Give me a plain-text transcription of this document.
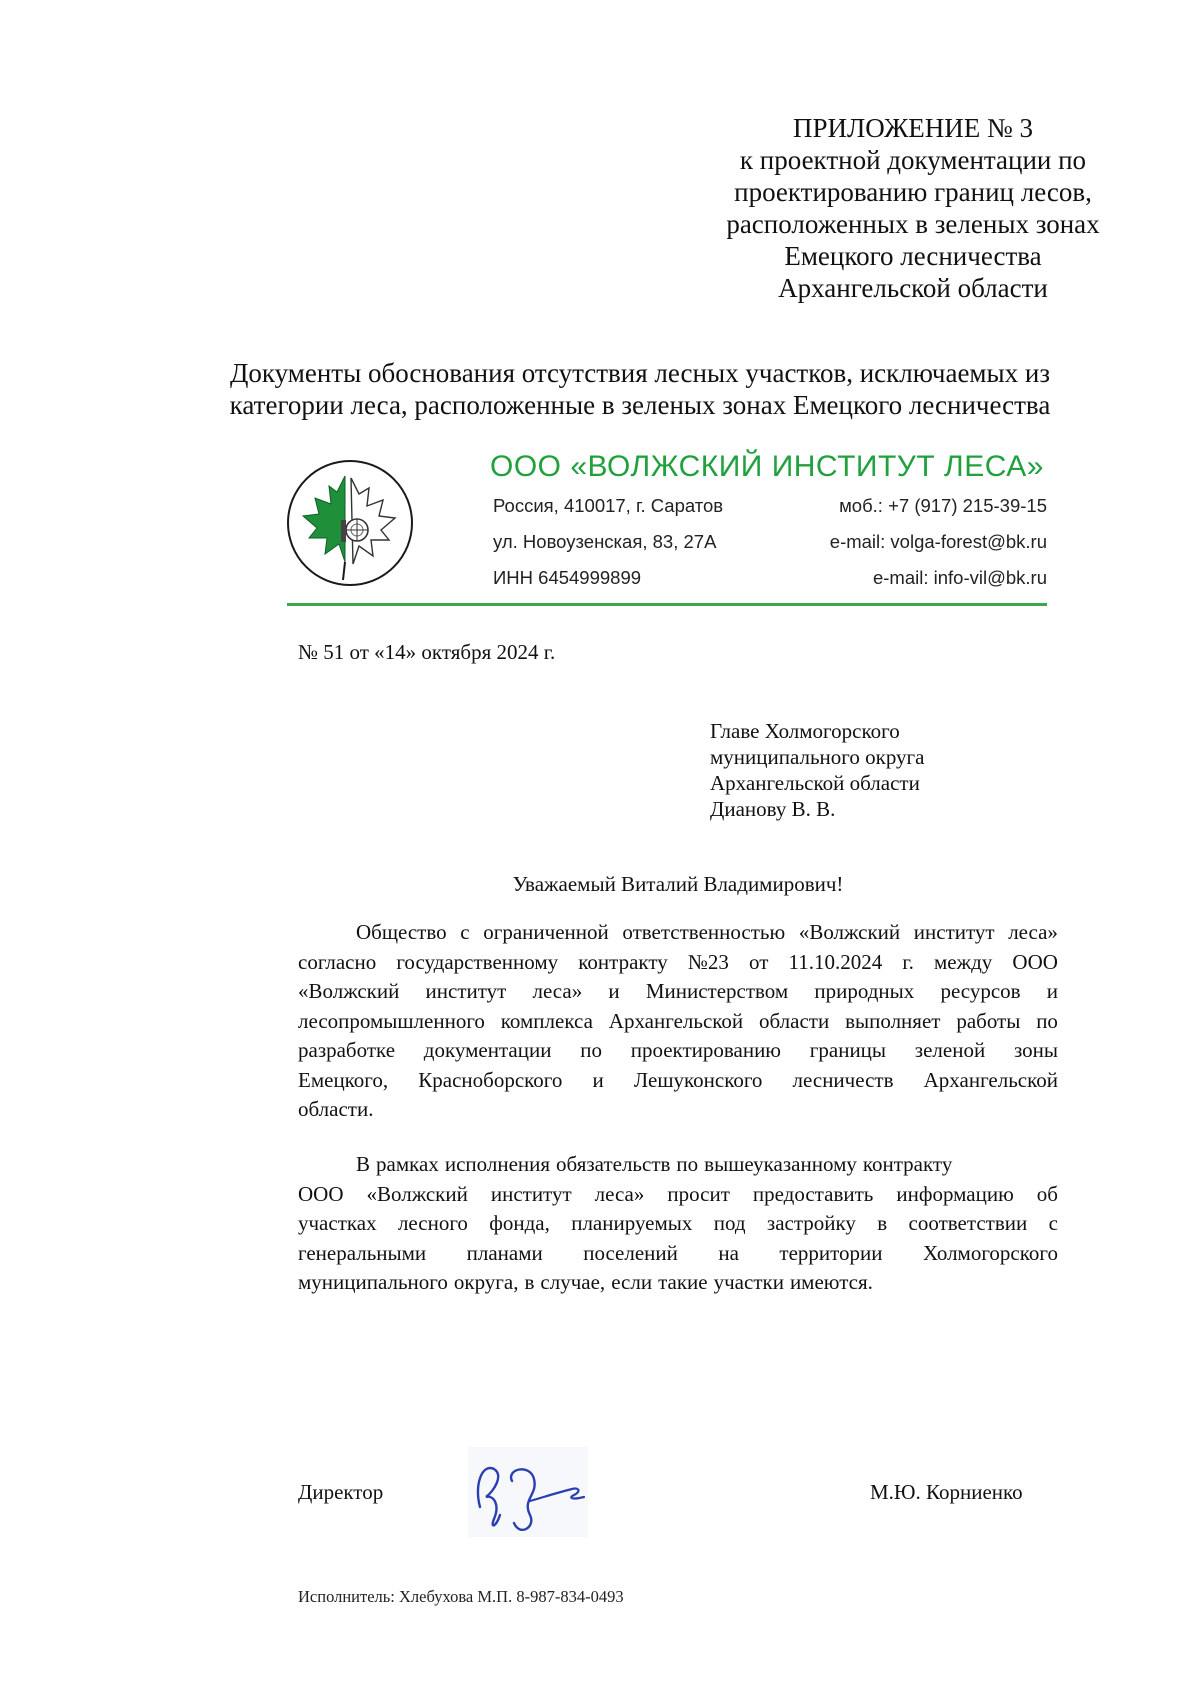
ПРИЛОЖЕНИЕ № 3
к проектной документации по
проектированию границ лесов,
расположенных в зеленых зонах
Емецкого лесничества
Архангельской области
Документы обоснования отсутствия лесных участков, исключаемых из
категории леса, расположенные в зеленых зонах Емецкого лесничества
ООО «ВОЛЖСКИЙ ИНСТИТУТ ЛЕСА»
Россия, 410017, г. Саратов
ул. Новоузенская, 83, 27А
ИНН 6454999899
моб.: +7 (917) 215-39-15
e-mail: volga-forest@bk.ru
e-mail: info-vil@bk.ru
№ 51 от «14» октября 2024 г.
Главе Холмогорского
муниципального округа
Архангельской области
Дианову В. В.
Уважаемый Виталий Владимирович!
Общество с ограниченной ответственностью «Волжский институт леса»
согласно государственному контракту №23 от 11.10.2024 г. между ООО
«Волжский институт леса» и Министерством природных ресурсов и
лесопромышленного комплекса Архангельской области выполняет работы по
разработке документации по проектированию границы зеленой зоны
Емецкого, Красноборского и Лешуконского лесничеств Архангельской
области.
В рамках исполнения обязательств по вышеуказанному контракту
ООО «Волжский институт леса» просит предоставить информацию об
участках лесного фонда, планируемых под застройку в соответствии с
генеральными планами поселений на территории Холмогорского
муниципального округа, в случае, если такие участки имеются.
Директор	М.Ю. Корниенко
Исполнитель: Хлебухова М.П. 8-987-834-0493
